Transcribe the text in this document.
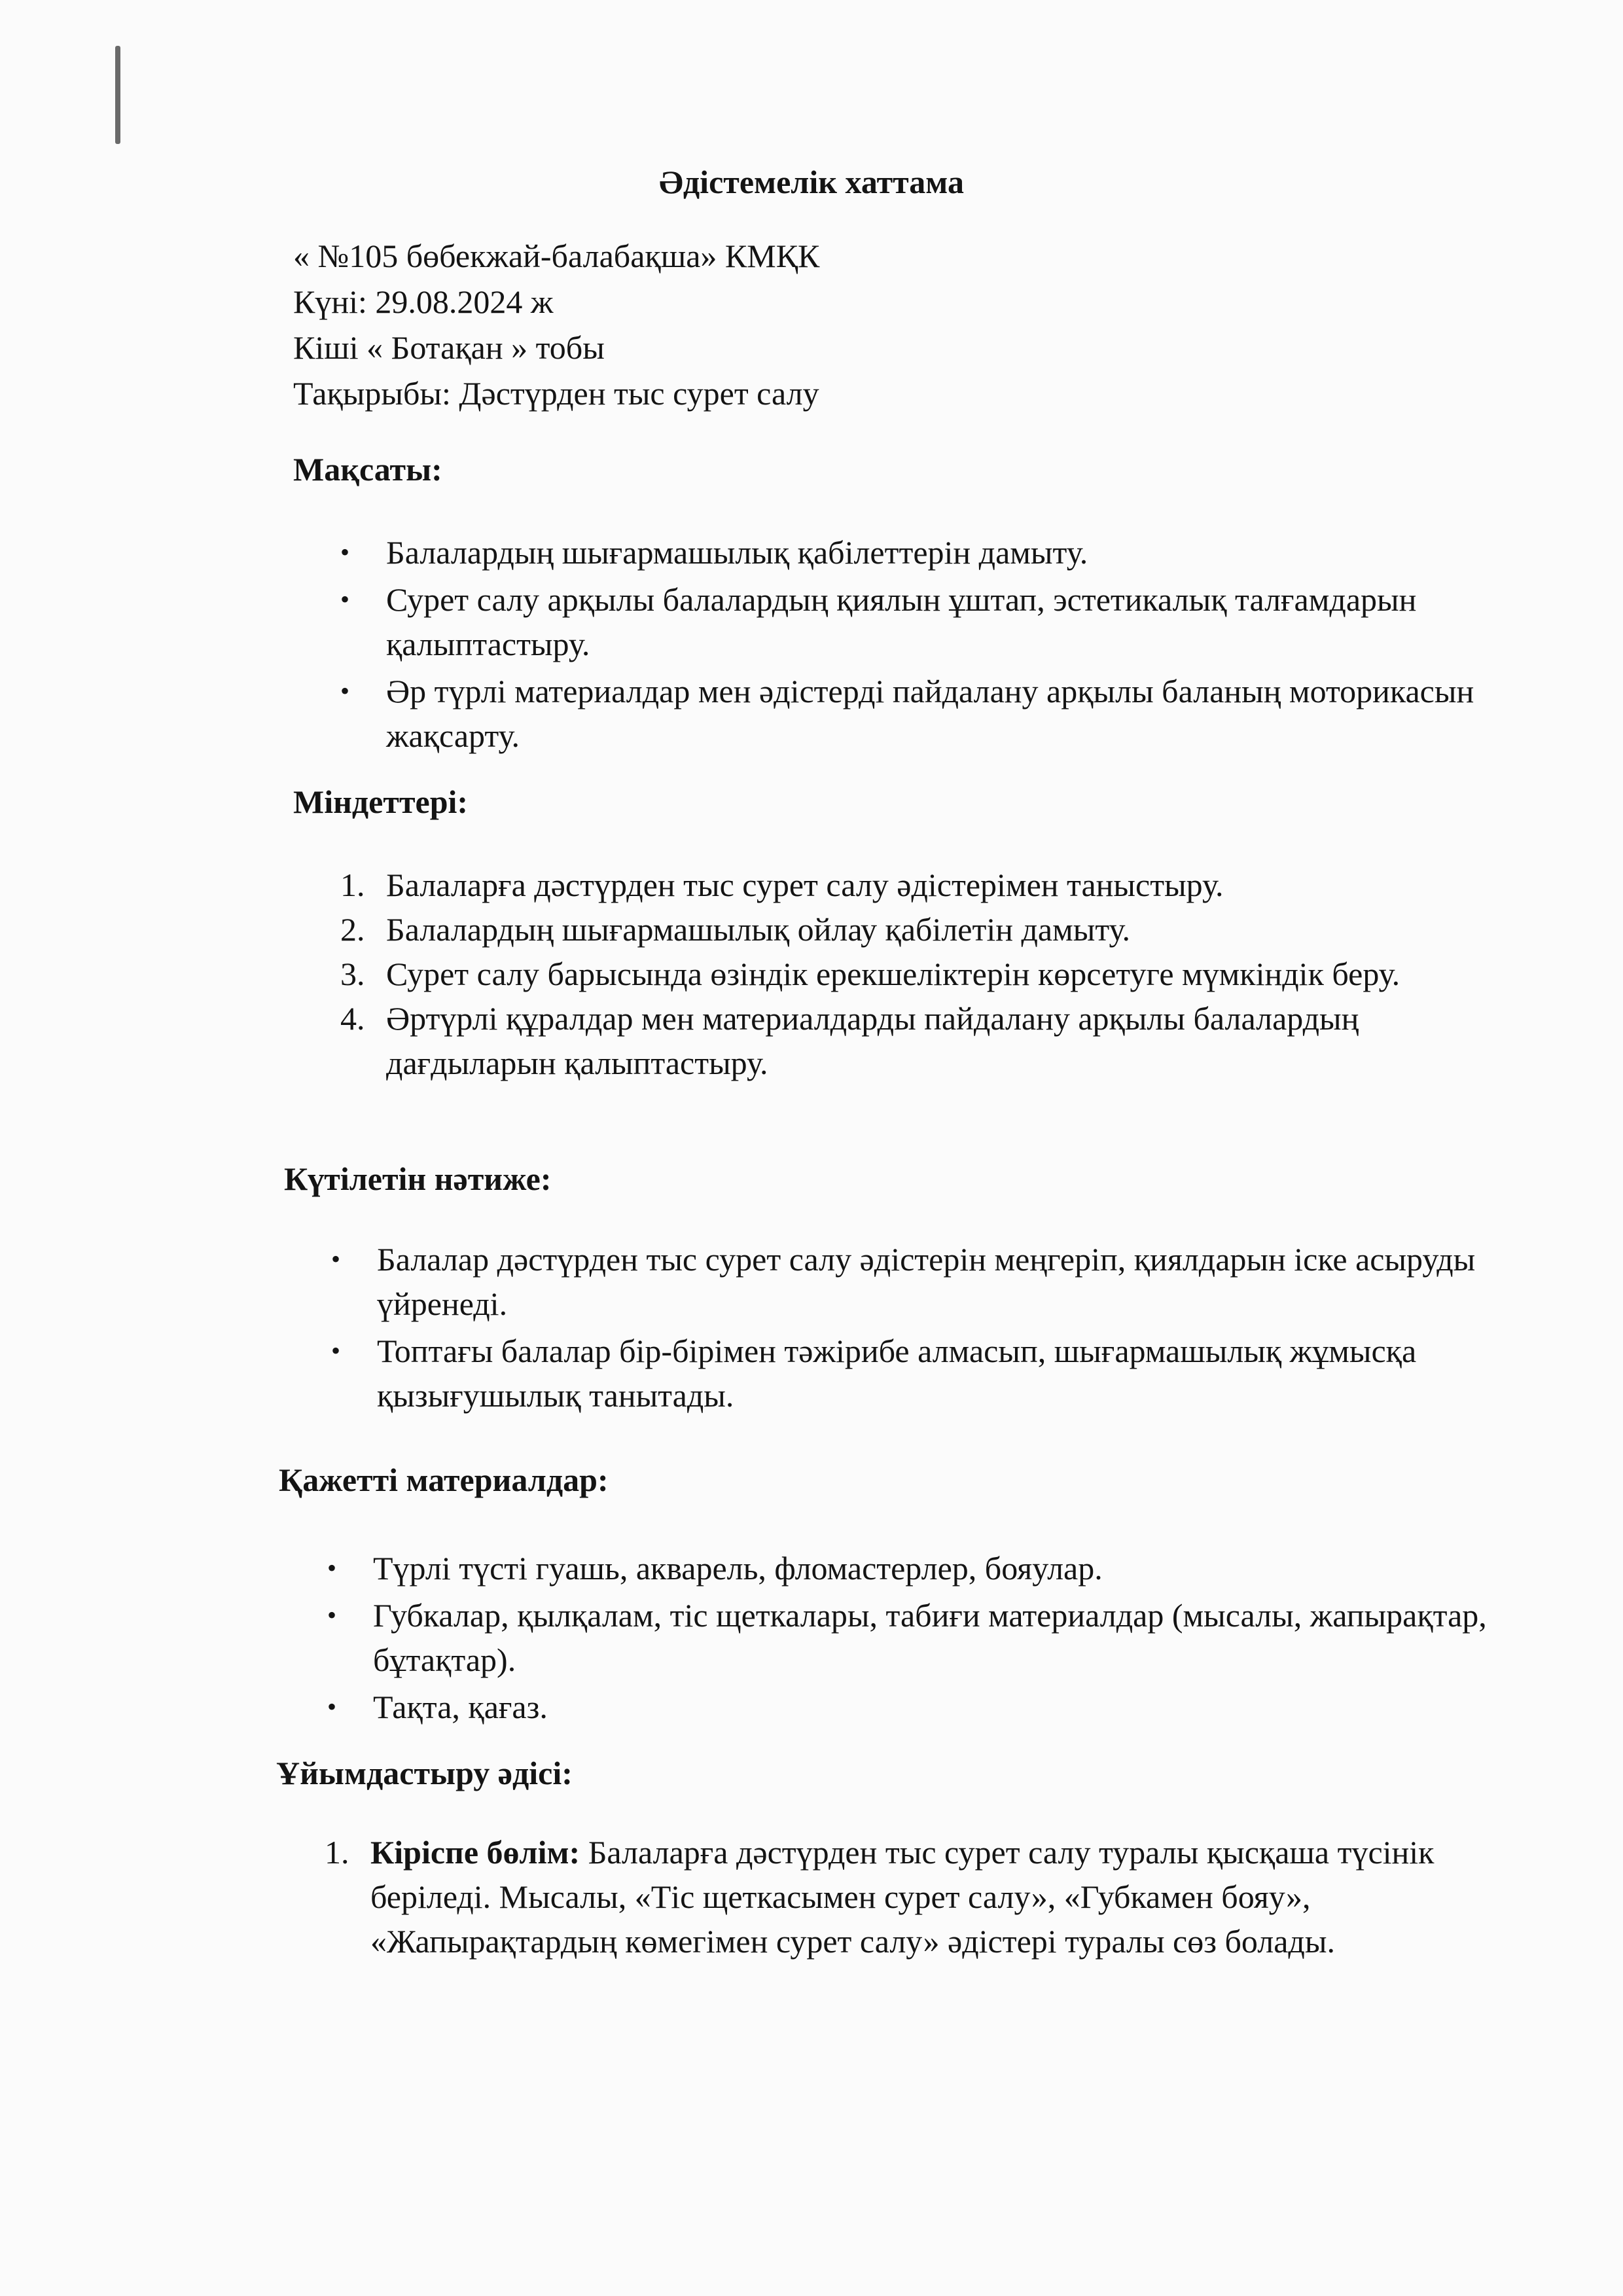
Әдістемелік хаттама
« №105 бөбекжай-балабақша» КМҚК
Күні: 29.08.2024 ж
Кіші « Ботақан » тобы
Тақырыбы: Дәстүрден тыс сурет салу
Мақсаты:
• Балалардың шығармашылық қабілеттерін дамыту.
• Сурет салу арқылы балалардың қиялын ұштап, эстетикалық талғамдарын қалыптастыру.
• Әр түрлі материалдар мен әдістерді пайдалану арқылы баланың моторикасын жақсарту.
Міндеттері:
1. Балаларға дәстүрден тыс сурет салу әдістерімен таныстыру.
2. Балалардың шығармашылық ойлау қабілетін дамыту.
3. Сурет салу барысында өзіндік ерекшеліктерін көрсетуге мүмкіндік беру.
4. Әртүрлі құралдар мен материалдарды пайдалану арқылы балалардың дағдыларын қалыптастыру.
Күтілетін нәтиже:
• Балалар дәстүрден тыс сурет салу әдістерін меңгеріп, қиялдарын іске асыруды үйренеді.
• Топтағы балалар бір-бірімен тәжірибе алмасып, шығармашылық жұмысқа қызығушылық танытады.
Қажетті материалдар:
• Түрлі түсті гуашь, акварель, фломастерлер, бояулар.
• Губкалар, қылқалам, тіс щеткалары, табиғи материалдар (мысалы, жапырақтар, бұтақтар).
• Тақта, қағаз.
Ұйымдастыру әдісі:
1. Кіріспе бөлім: Балаларға дәстүрден тыс сурет салу туралы қысқаша түсінік беріледі. Мысалы, «Тіс щеткасымен сурет салу», «Губкамен бояу», «Жапырақтардың көмегімен сурет салу» әдістері туралы сөз болады.
